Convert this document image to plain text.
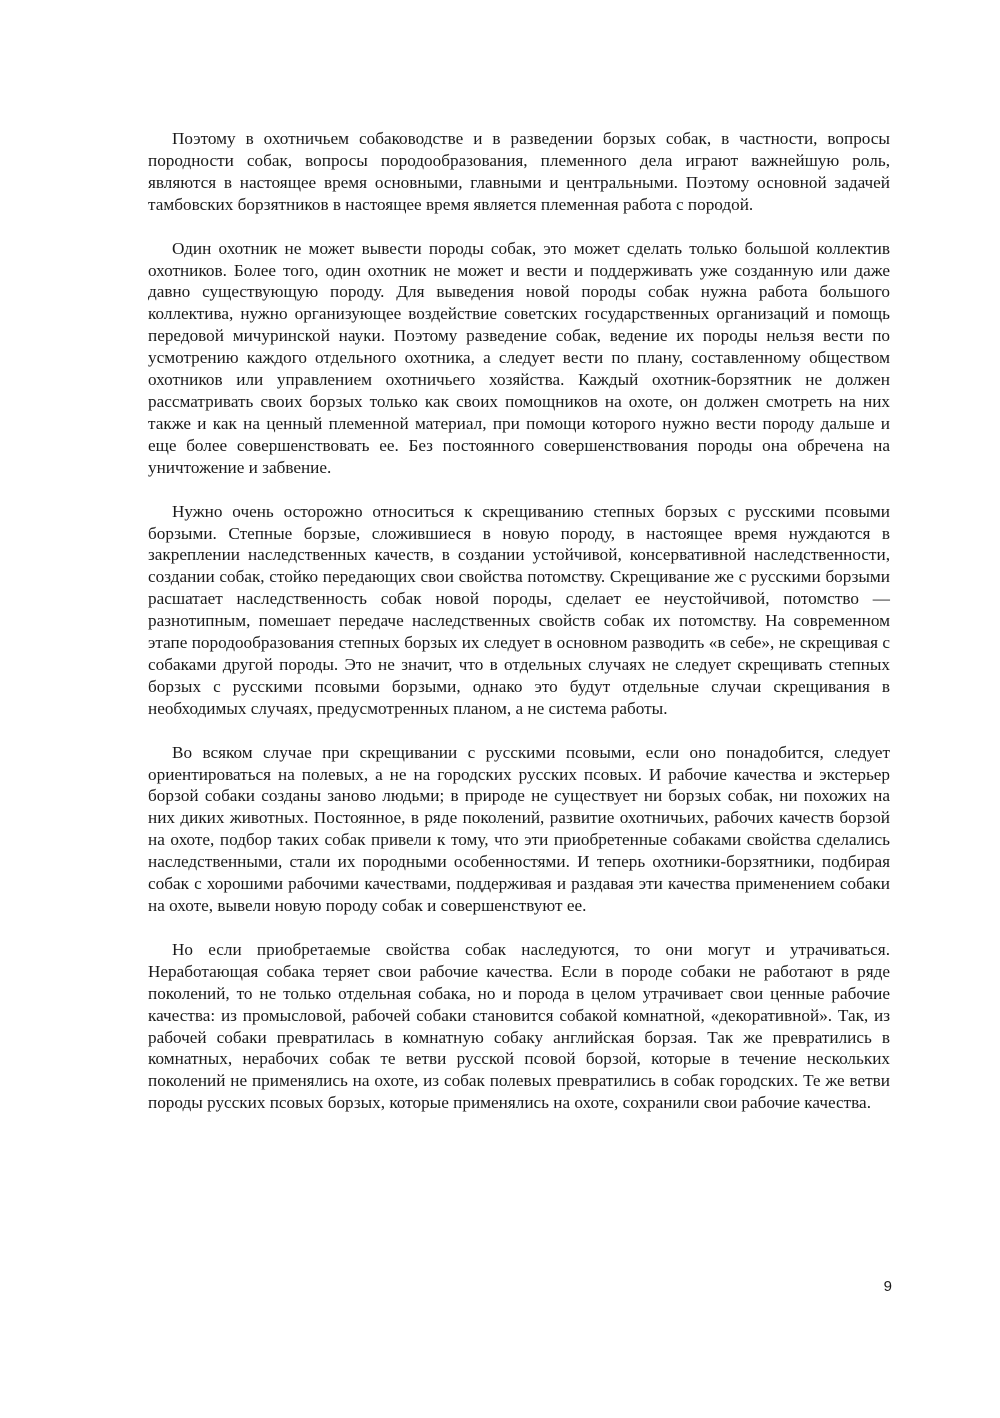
Поэтому в охотничьем собаководстве и в разведении борзых собак, в частности, вопросы породности собак, вопросы породообразования, племенного дела играют важнейшую роль, являются в настоящее время основными, главными и центральными. Поэтому основной задачей тамбовских борзятников в настоящее время является племенная работа с породой.

Один охотник не может вывести породы собак, это может сделать только большой коллектив охотников. Более того, один охотник не может и вести и поддерживать уже созданную или даже давно существующую породу. Для выведения новой породы собак нужна работа большого коллектива, нужно организующее воздействие советских государственных организаций и помощь передовой мичуринской науки. Поэтому разведение собак, ведение их породы нельзя вести по усмотрению каждого отдельного охотника, а следует вести по плану, составленному обществом охотников или управлением охотничьего хозяйства. Каждый охотник-борзятник не должен рассматривать своих борзых только как своих помощников на охоте, он должен смотреть на них также и как на ценный племенной материал, при помощи которого нужно вести породу дальше и еще более совершенствовать ее. Без постоянного совершенствования породы она обречена на уничтожение и забвение.

Нужно очень осторожно относиться к скрещиванию степных борзых с русскими псовыми борзыми. Степные борзые, сложившиеся в новую породу, в настоящее время нуждаются в закреплении наследственных качеств, в создании устойчивой, консервативной наследственности, создании собак, стойко передающих свои свойства потомству. Скрещивание же с русскими борзыми расшатает наследственность собак новой породы, сделает ее неустойчивой, потомство — разнотипным, помешает передаче наследственных свойств собак их потомству. На современном этапе породообразования степных борзых их следует в основном разводить «в себе», не скрещивая с собаками другой породы. Это не значит, что в отдельных случаях не следует скрещивать степных борзых с русскими псовыми борзыми, однако это будут отдельные случаи скрещивания в необходимых случаях, предусмотренных планом, а не система работы.

Во всяком случае при скрещивании с русскими псовыми, если оно понадобится, следует ориентироваться на полевых, а не на городских русских псовых. И рабочие качества и экстерьер борзой собаки созданы заново людьми; в природе не существует ни борзых собак, ни похожих на них диких животных. Постоянное, в ряде поколений, развитие охотничьих, рабочих качеств борзой на охоте, подбор таких собак привели к тому, что эти приобретенные собаками свойства сделались наследственными, стали их породными особенностями. И теперь охотники-борзятники, подбирая собак с хорошими рабочими качествами, поддерживая и раздавая эти качества применением собаки на охоте, вывели новую породу собак и совершенствуют ее.

Но если приобретаемые свойства собак наследуются, то они могут и утрачиваться. Неработающая собака теряет свои рабочие качества. Если в породе собаки не работают в ряде поколений, то не только отдельная собака, но и порода в целом утрачивает свои ценные рабочие качества: из промысловой, рабочей собаки становится собакой комнатной, «декоративной». Так, из рабочей собаки превратилась в комнатную собаку английская борзая. Так же превратились в комнатных, нерабочих собак те ветви русской псовой борзой, которые в течение нескольких поколений не применялись на охоте, из собак полевых превратились в собак городских. Те же ветви породы русских псовых борзых, которые применялись на охоте, сохранили свои рабочие качества.

9
